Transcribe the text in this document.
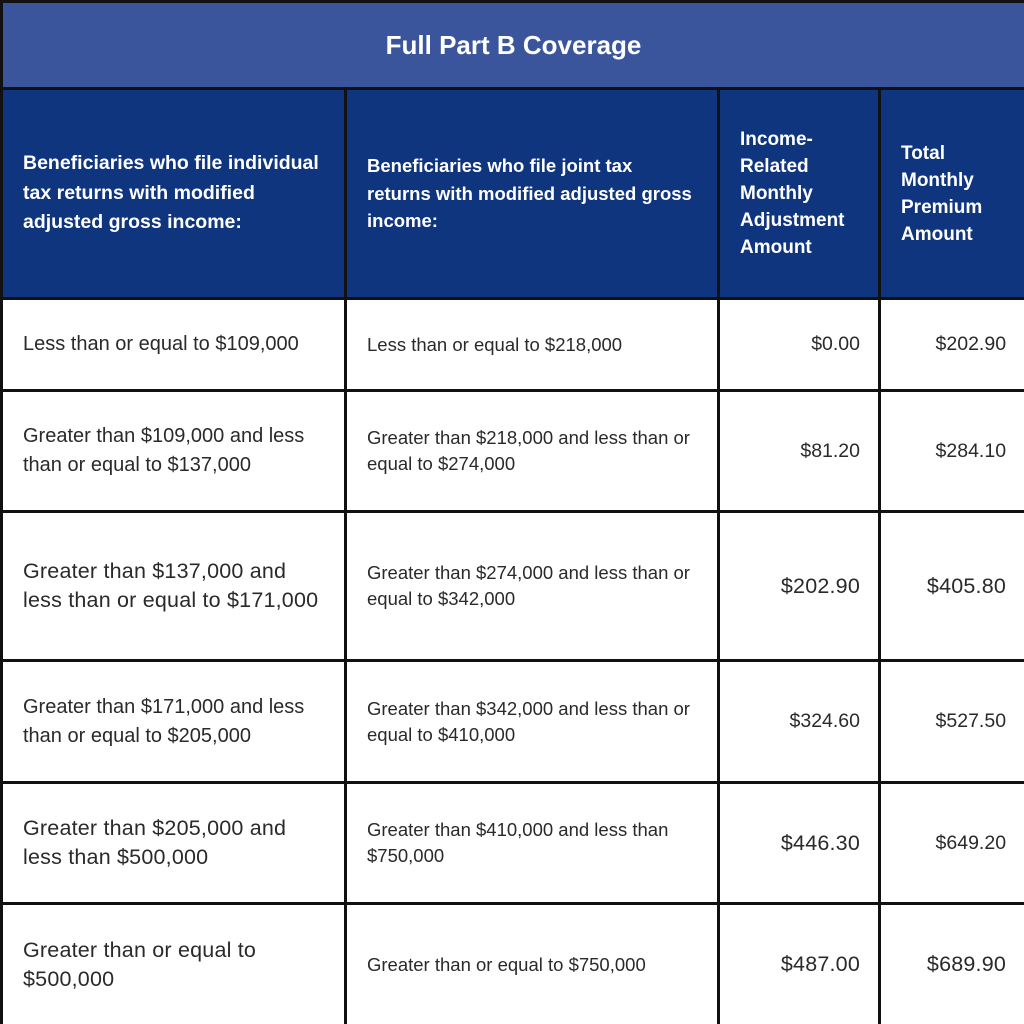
Full Part B Coverage			
Beneficiaries who file individual tax returns with modified adjusted gross income:	Beneficiaries who file joint tax returns with modified adjusted gross income:	Income-Related Monthly Adjustment Amount	Total Monthly Premium Amount
Less than or equal to $109,000	Less than or equal to $218,000	$0.00	$202.90
Greater than $109,000 and less than or equal to $137,000	Greater than $218,000 and less than or equal to $274,000	$81.20	$284.10
Greater than $137,000 and less than or equal to $171,000	Greater than $274,000 and less than or equal to $342,000	$202.90	$405.80
Greater than $171,000 and less than or equal to $205,000	Greater than $342,000 and less than or equal to $410,000	$324.60	$527.50
Greater than $205,000 and less than $500,000	Greater than $410,000 and less than $750,000	$446.30	$649.20
Greater than or equal to $500,000	Greater than or equal to $750,000	$487.00	$689.90
